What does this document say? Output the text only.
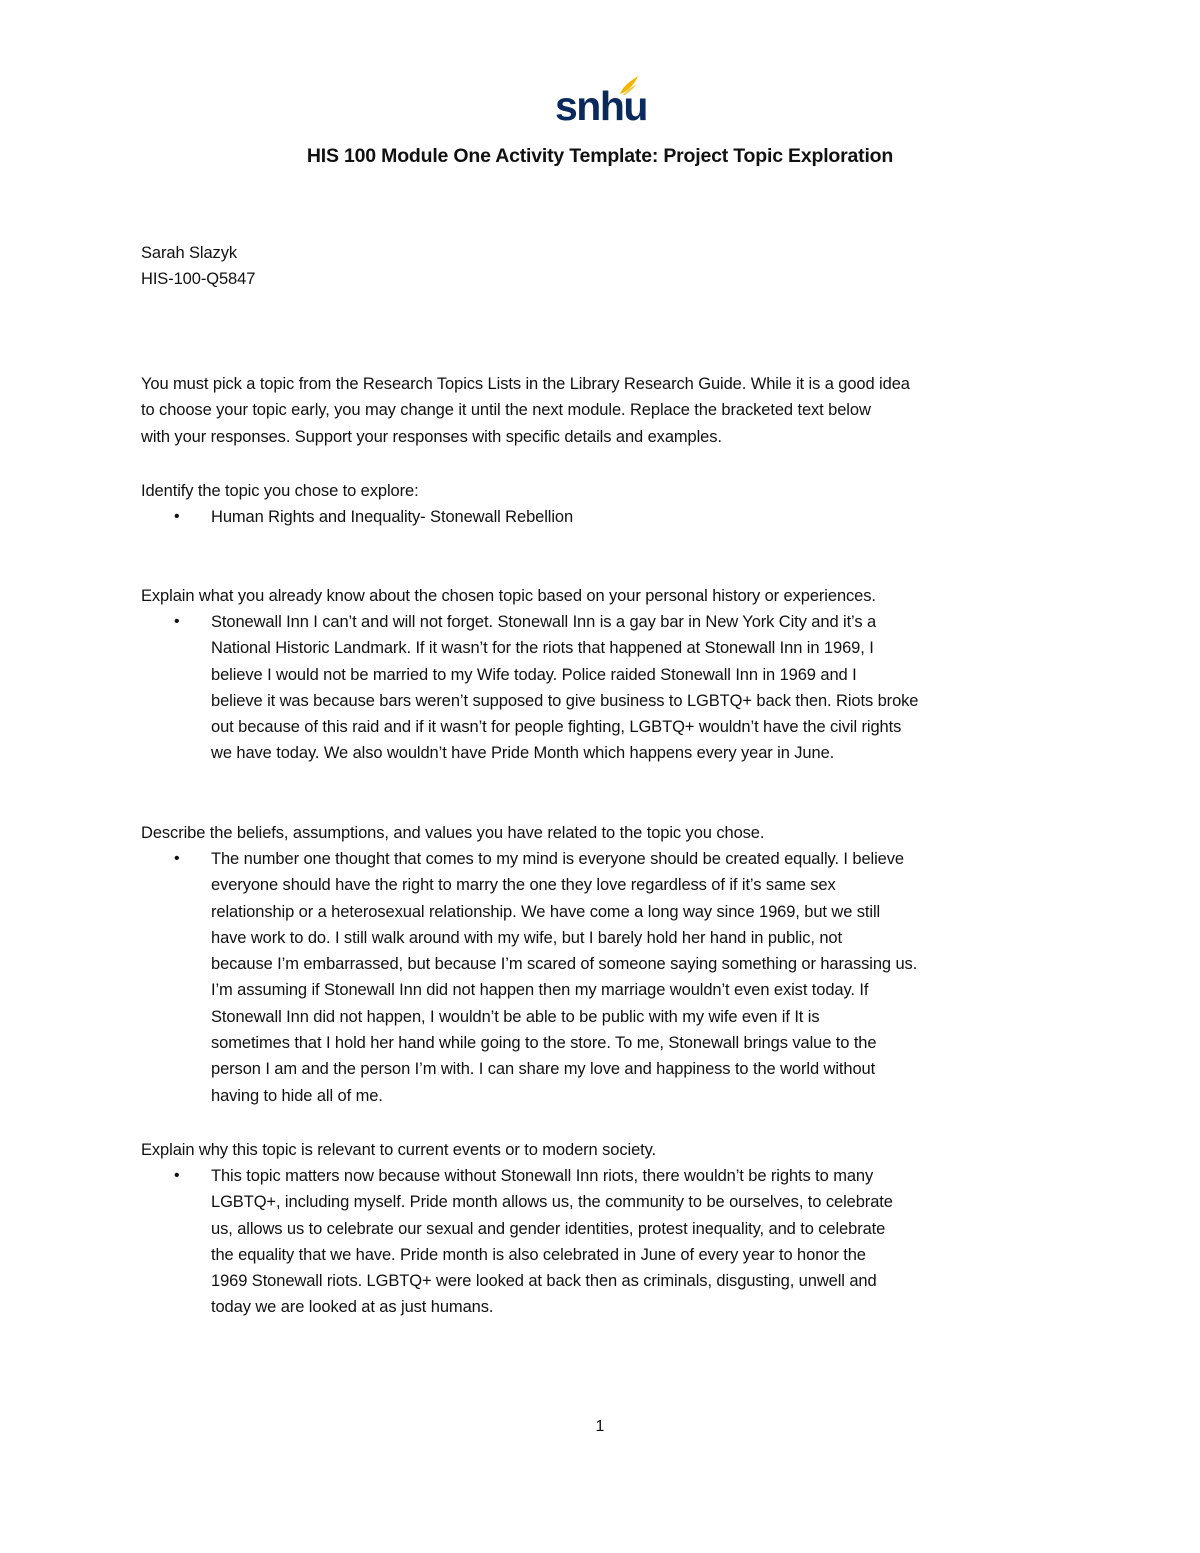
snhu
HIS 100 Module One Activity Template: Project Topic Exploration
Sarah Slazyk
HIS-100-Q5847

You must pick a topic from the Research Topics Lists in the Library Research Guide. While it is a good idea

to choose your topic early, you may change it until the next module. Replace the bracketed text below

with your responses. Support your responses with specific details and examples.

Identify the topic you chose to explore:
• Human Rights and Inequality- Stonewall Rebellion
Explain what you already know about the chosen topic based on your personal history or experiences.
• Stonewall Inn I can’t and will not forget. Stonewall Inn is a gay bar in New York City and it’s a
National Historic Landmark. If it wasn’t for the riots that happened at Stonewall Inn in 1969, I
believe I would not be married to my Wife today. Police raided Stonewall Inn in 1969 and I
believe it was because bars weren’t supposed to give business to LGBTQ+ back then. Riots broke
out because of this raid and if it wasn’t for people fighting, LGBTQ+ wouldn’t have the civil rights
we have today. We also wouldn’t have Pride Month which happens every year in June.
Describe the beliefs, assumptions, and values you have related to the topic you chose.
• The number one thought that comes to my mind is everyone should be created equally. I believe
everyone should have the right to marry the one they love regardless of if it’s same sex
relationship or a heterosexual relationship. We have come a long way since 1969, but we still
have work to do. I still walk around with my wife, but I barely hold her hand in public, not
because I’m embarrassed, but because I’m scared of someone saying something or harassing us.
I’m assuming if Stonewall Inn did not happen then my marriage wouldn’t even exist today. If
Stonewall Inn did not happen, I wouldn’t be able to be public with my wife even if It is
sometimes that I hold her hand while going to the store. To me, Stonewall brings value to the
person I am and the person I’m with. I can share my love and happiness to the world without
having to hide all of me.
Explain why this topic is relevant to current events or to modern society.
• This topic matters now because without Stonewall Inn riots, there wouldn’t be rights to many
LGBTQ+, including myself. Pride month allows us, the community to be ourselves, to celebrate
us, allows us to celebrate our sexual and gender identities, protest inequality, and to celebrate
the equality that we have. Pride month is also celebrated in June of every year to honor the
1969 Stonewall riots. LGBTQ+ were looked at back then as criminals, disgusting, unwell and
today we are looked at as just humans.
1
